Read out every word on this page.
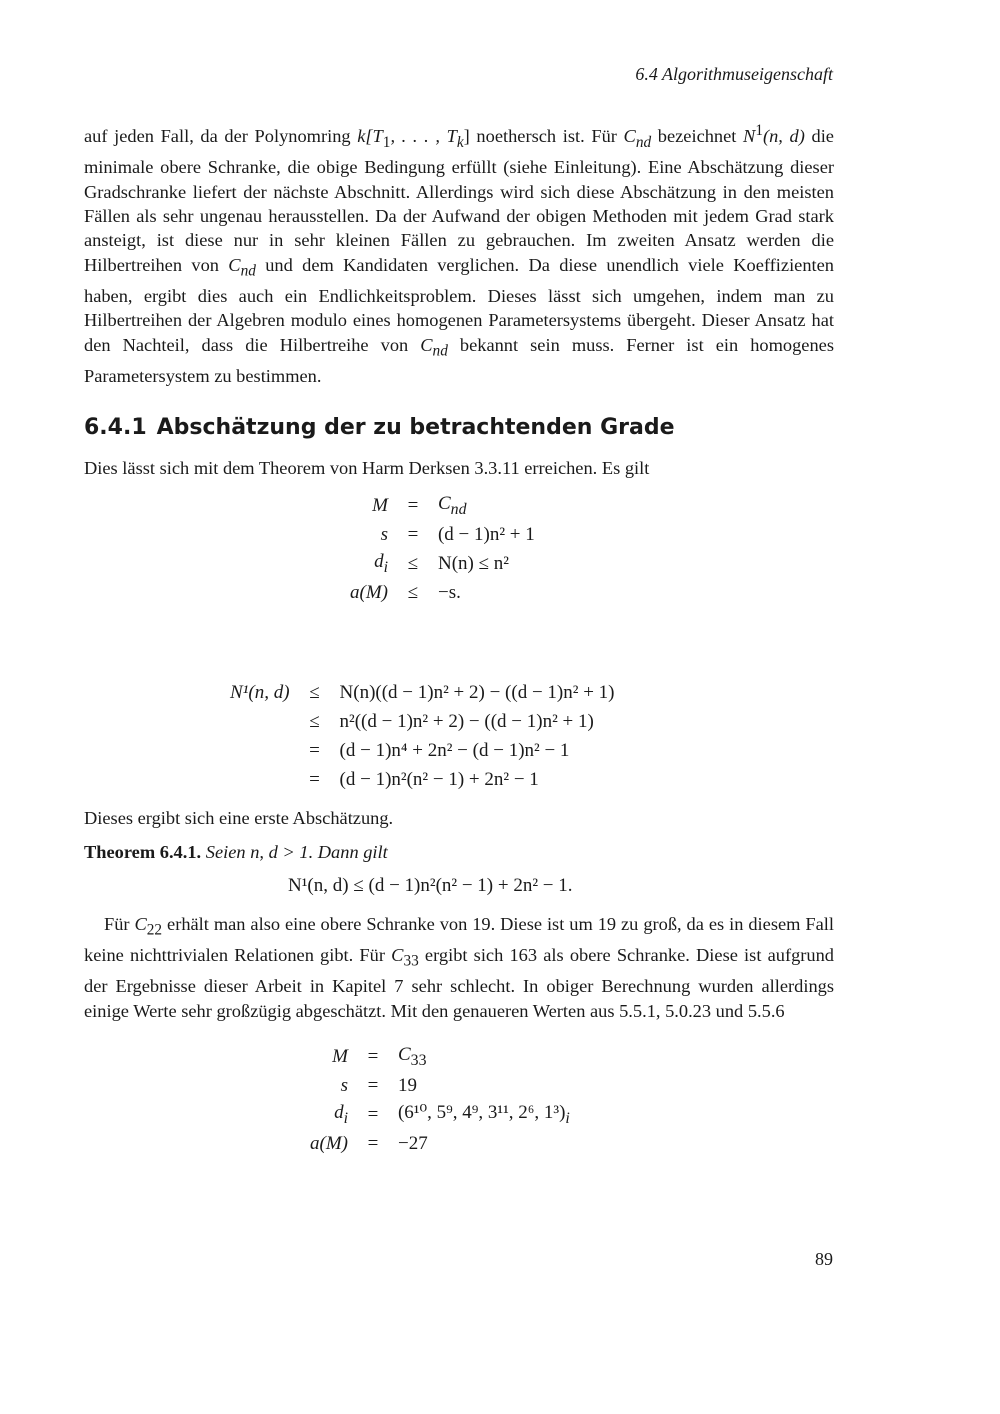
6.4 Algorithmuseigenschaft

auf jeden Fall, da der Polynomring $k[T_1$, . . . , $T_k$] noethersch ist. Für $C_{nd}$ bezeichnet $N^1(n$, d) die minimale obere Schranke, die obige Bedingung erfüllt (siehe Einleitung). Eine Abschätzung dieser Gradschranke liefert der nächste Abschnitt. Allerdings wird sich diese Abschätzung in den meisten Fällen als sehr ungenau herausstellen. Da der Aufwand der obigen Methoden mit jedem Grad stark ansteigt, ist diese nur in sehr kleinen Fällen zu gebrauchen. Im zweiten Ansatz werden die Hilbertreihen von $C_{nd}$ und dem Kandidaten verglichen. Da diese unendlich viele Koeffizienten haben, ergibt dies auch ein Endlichkeitsproblem. Dieses lässt sich umgehen, indem man zu Hilbertreihen der Algebren modulo eines homogenen Parametersystems übergeht. Dieser Ansatz hat den Nachteil, dass die Hilbertreihe von $C_{nd}$ bekannt sein muss. Ferner ist ein homogenes Parametersystem zu bestimmen.

6.4.1 Abschätzung der zu betrachtenden Grade
Dies lässt sich mit dem Theorem von Harm Derksen 3.3.11 erreichen. Es gilt
M	=	$C_{nd}$
s	=	(d − 1)n² + 1
$d_i$	≤	N(n) ≤ n²
a(M)	≤	−s.
N¹(n, d)	≤	N(n)((d − 1)n² + 2) − ((d − 1)n² + 1)
	≤	n²((d − 1)n² + 2) − ((d − 1)n² + 1)
	=	(d − 1)n⁴ + 2n² − (d − 1)n² − 1
	=	(d − 1)n²(n² − 1) + 2n² − 1
Dieses ergibt sich eine erste Abschätzung.
Theorem 6.4.1. Seien n, d > 1. Dann gilt
N¹(n, d) ≤ (d − 1)n²(n² − 1) + 2n² − 1.

Für $C_{22}$ erhält man also eine obere Schranke von 19. Diese ist um 19 zu groß, da es in diesem Fall keine nichttrivialen Relationen gibt. Für $C_{33}$ ergibt sich 163 als obere Schranke. Diese ist aufgrund der Ergebnisse dieser Arbeit in Kapitel 7 sehr schlecht. In obiger Berechnung wurden allerdings einige Werte sehr großzügig abgeschätzt. Mit den genaueren Werten aus 5.5.1, 5.0.23 und 5.5.6

M	=	$C_{33}$
s	=	19
$d_i$	=	(6¹⁰, 5⁹, 4⁹, 3¹¹, 2⁶, $1^3)_i$
a(M)	=	−27
89
